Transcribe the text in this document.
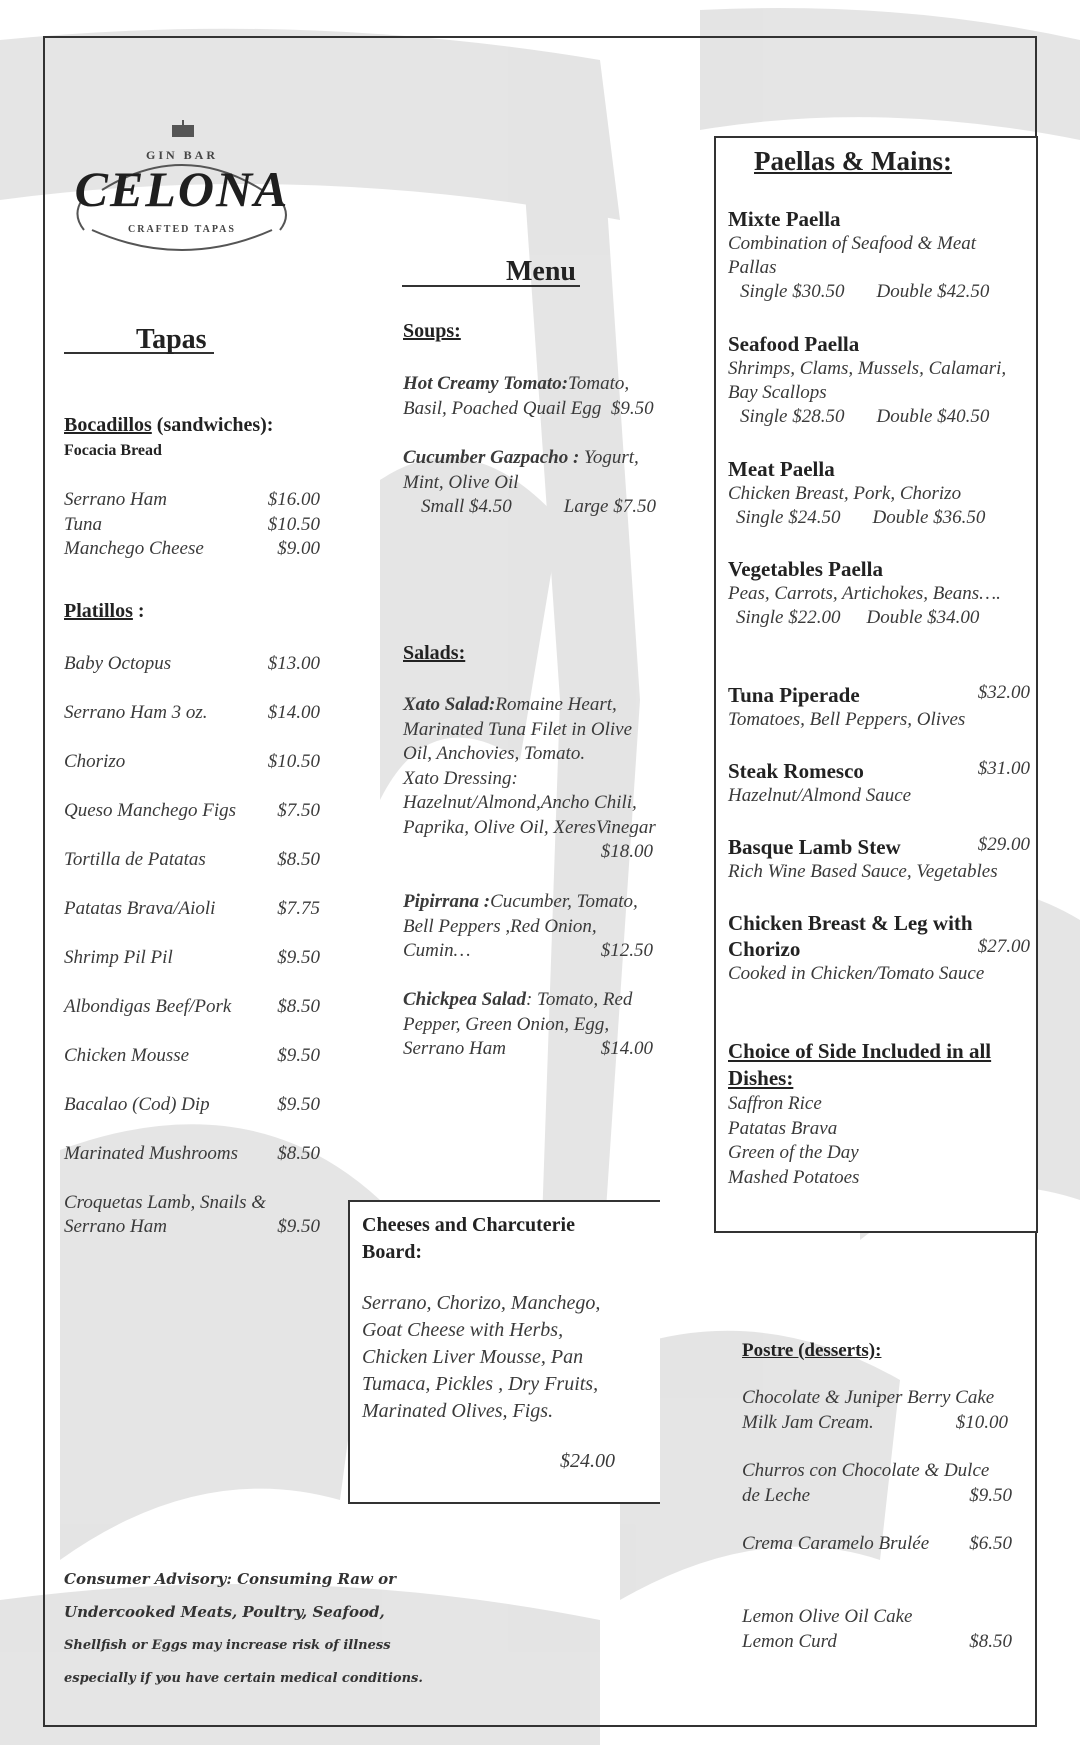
GIN BAR
CELONA
CRAFTED TAPAS
Tapas
Bocadillos (sandwiches):
Focacia Bread
Serrano Ham	$16.00
Tuna	$10.50
Manchego Cheese	$9.00
Platillos :
Baby Octopus	$13.00
Serrano Ham 3 oz.	$14.00
Chorizo	$10.50
Queso Manchego Figs $7.50
Tortilla de Patatas	$8.50
Patatas Brava/Aioli	$7.75
Shrimp Pil Pil	$9.50
Albondigas Beef/Pork $8.50
Chicken Mousse	$9.50
Bacalao (Cod) Dip	$9.50
Marinated Mushrooms $8.50
Croquetas Lamb, Snails &
Serrano Ham	$9.50
Menu
Soups:
Hot Creamy Tomato:Tomato,
Basil, Poached Quail Egg $9.50
Cucumber Gazpacho : Yogurt,
Mint, Olive Oil
Small $4.50	Large $7.50
Salads:
Xato Salad:Romaine Heart,
Marinated Tuna Filet in Olive
Oil, Anchovies, Tomato.
Xato Dressing:
Hazelnut/Almond,Ancho Chili,
Paprika, Olive Oil, XeresVinegar
$18.00
Pipirrana :Cucumber, Tomato,
Bell Peppers ,Red Onion,
Cumin…	$12.50
Chickpea Salad: Tomato, Red
Pepper, Green Onion, Egg,
Serrano Ham	$14.00
Cheeses and Charcuterie
Board:
Serrano, Chorizo, Manchego,
Goat Cheese with Herbs,
Chicken Liver Mousse, Pan
Tumaca, Pickles , Dry Fruits,
Marinated Olives, Figs.
$24.00
Paellas & Mains:
Mixte Paella
Combination of Seafood & Meat
Pallas
Single $30.50 Double $42.50
Seafood Paella
Shrimps, Clams, Mussels, Calamari,
Bay Scallops
Single $28.50 Double $40.50
Meat Paella
Chicken Breast, Pork, Chorizo
Single $24.50 Double $36.50
Vegetables Paella
Peas, Carrots, Artichokes, Beans….
Single $22.00 Double $34.00
Tuna Piperade	$32.00
Tomatoes, Bell Peppers, Olives
Steak Romesco	$31.00
Hazelnut/Almond Sauce
Basque Lamb Stew	$29.00
Rich Wine Based Sauce, Vegetables
Chicken Breast & Leg with
Chorizo	$27.00
Cooked in Chicken/Tomato Sauce
Choice of Side Included in all
Dishes:
Saffron Rice
Patatas Brava
Green of the Day
Mashed Potatoes
Postre (desserts):
Chocolate & Juniper Berry Cake
Milk Jam Cream.	$10.00
Churros con Chocolate & Dulce
de Leche	$9.50
Crema Caramelo Brulée $6.50
Lemon Olive Oil Cake
Lemon Curd	$8.50
Consumer Advisory: Consuming Raw or
Undercooked Meats, Poultry, Seafood,
Shellfish or Eggs may increase risk of illness
especially if you have certain medical conditions.
